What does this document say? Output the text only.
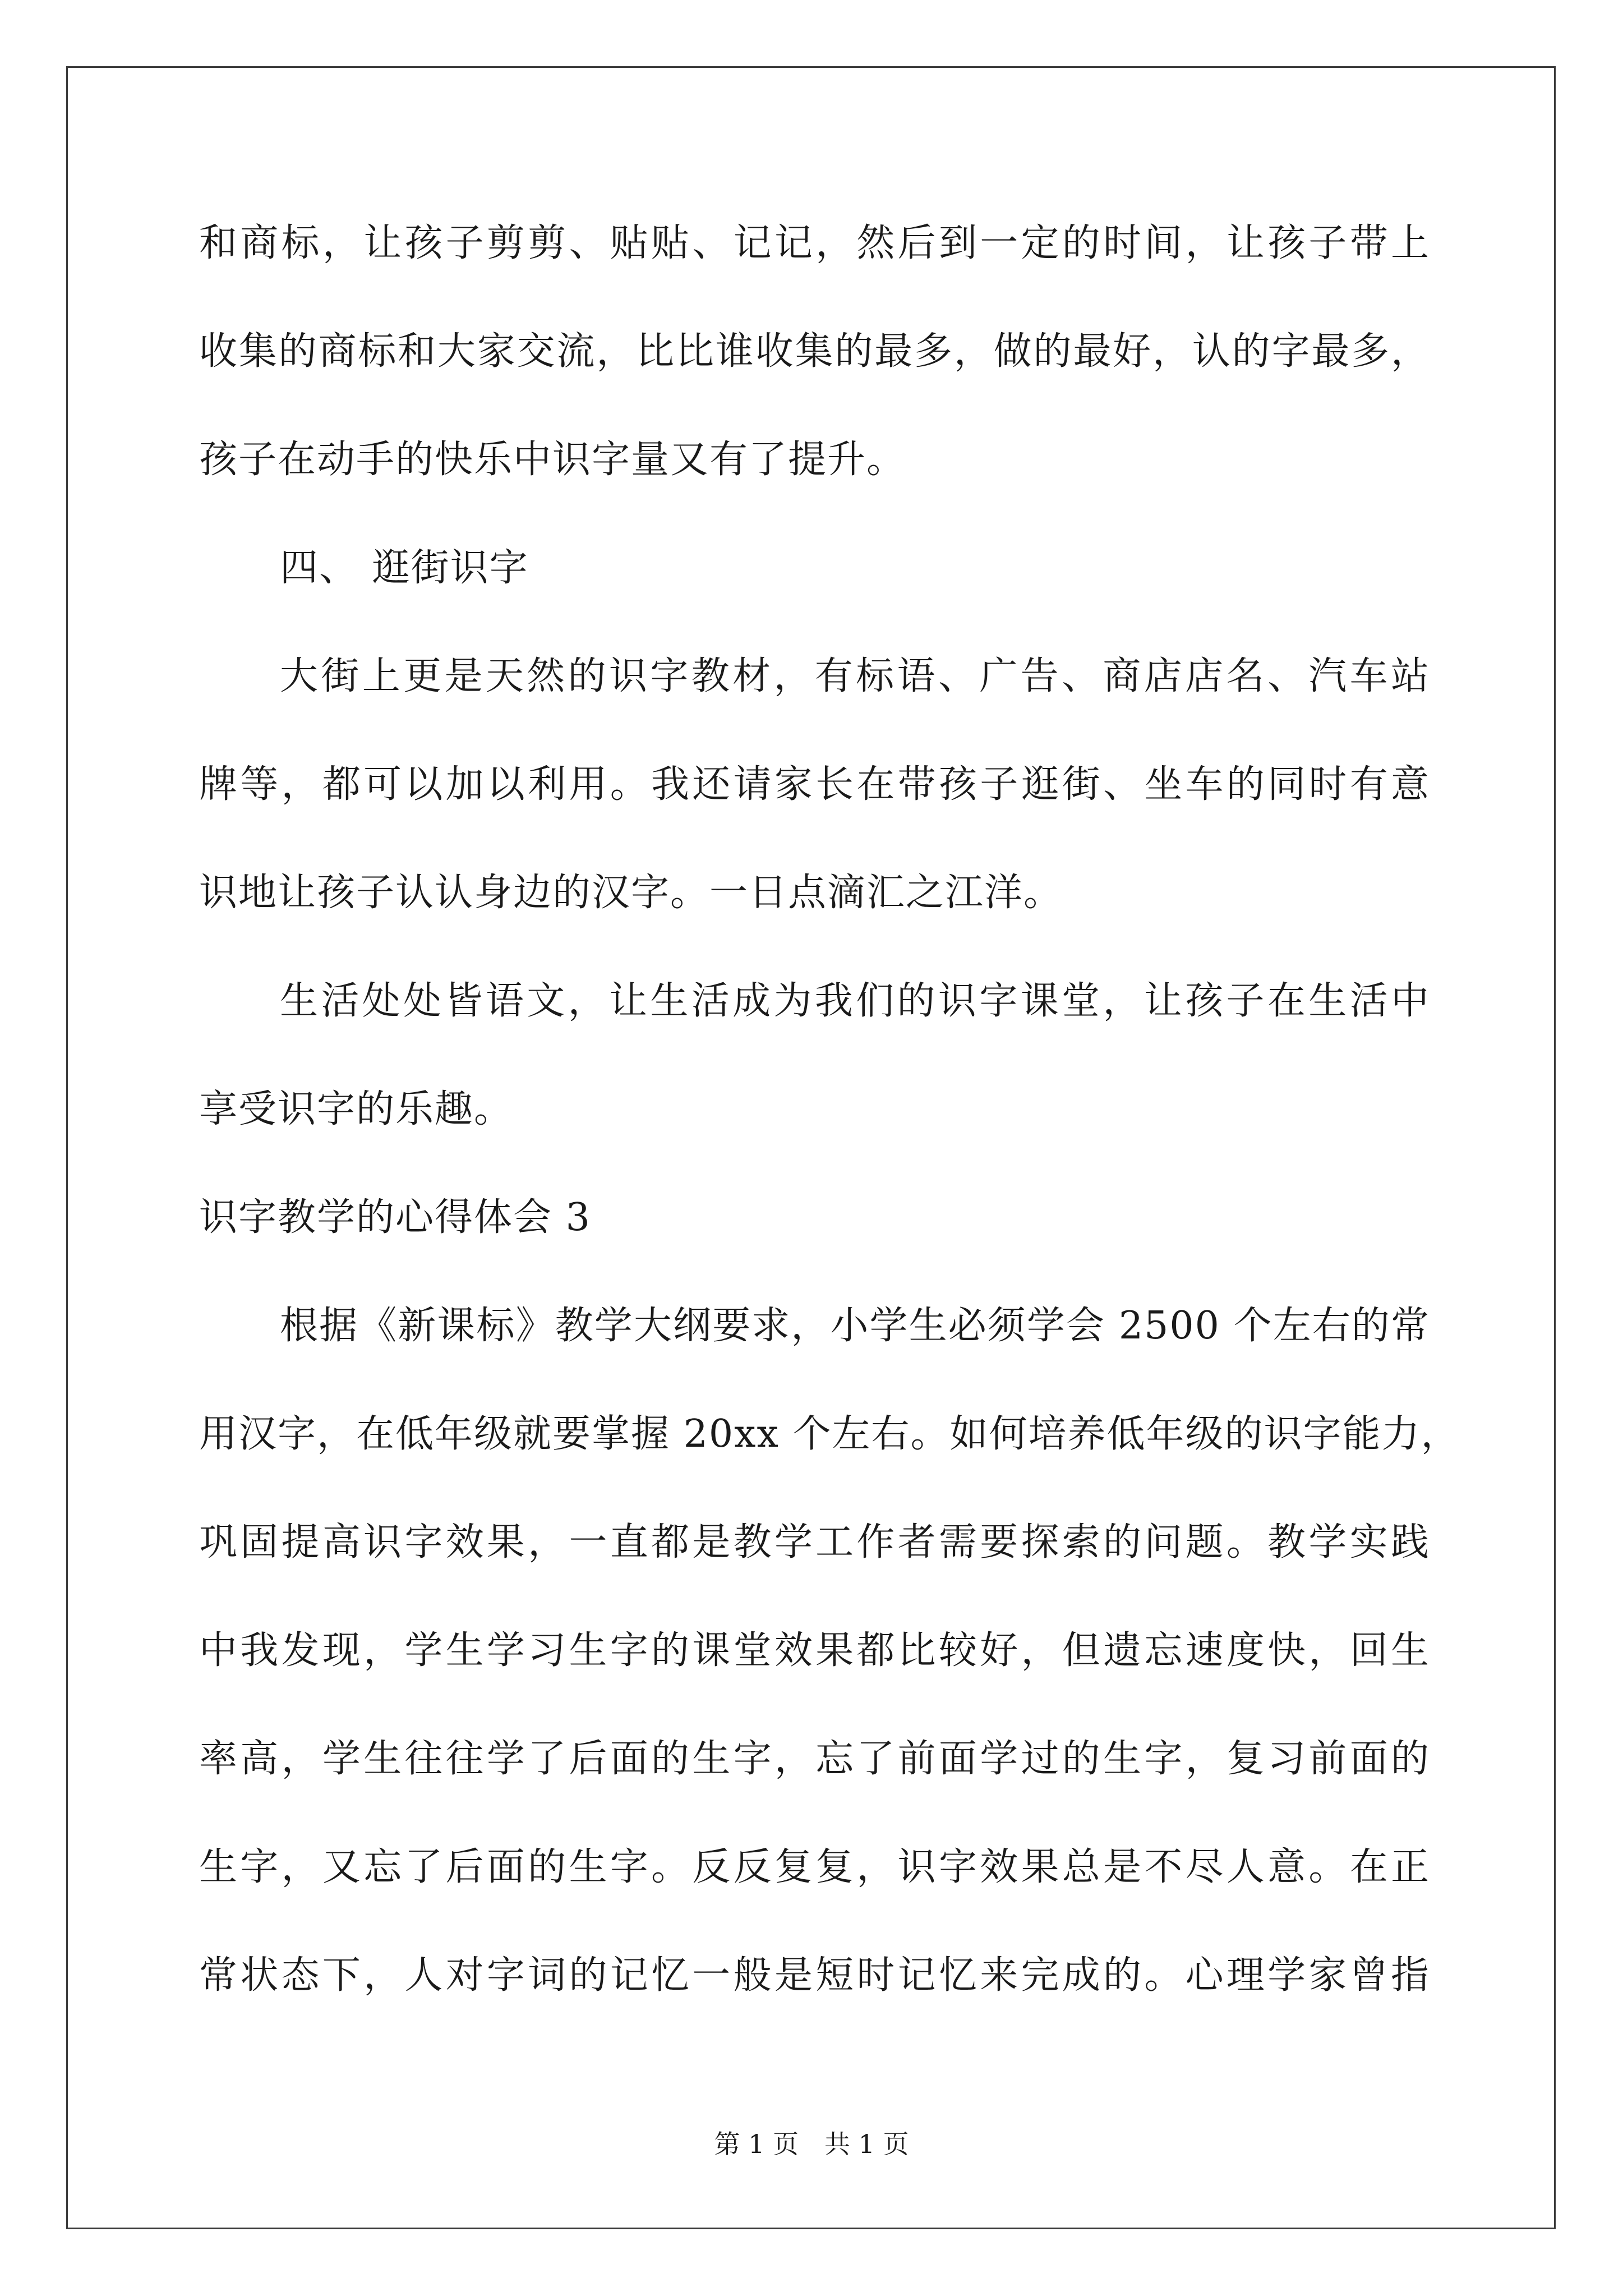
和商标，让孩子剪剪、贴贴、记记，然后到一定的时间，让孩子带上
收集的商标和大家交流，比比谁收集的最多，做的最好，认的字最多，
孩子在动手的快乐中识字量又有了提升。
四、 逛街识字
大街上更是天然的识字教材，有标语、广告、商店店名、汽车站
牌等，都可以加以利用。我还请家长在带孩子逛街、坐车的同时有意
识地让孩子认认身边的汉字。一日点滴汇之江洋。
生活处处皆语文，让生活成为我们的识字课堂，让孩子在生活中
享受识字的乐趣。
识字教学的心得体会 3
根据《新课标》教学大纲要求，小学生必须学会 2500 个左右的常
用汉字，在低年级就要掌握 20xx 个左右。如何培养低年级的识字能力，
巩固提高识字效果，一直都是教学工作者需要探索的问题。教学实践
中我发现，学生学习生字的课堂效果都比较好，但遗忘速度快，回生
率高，学生往往学了后面的生字，忘了前面学过的生字，复习前面的
生字，又忘了后面的生字。反反复复，识字效果总是不尽人意。在正
常状态下，人对字词的记忆一般是短时记忆来完成的。心理学家曾指
第 1 页　共 1 页
